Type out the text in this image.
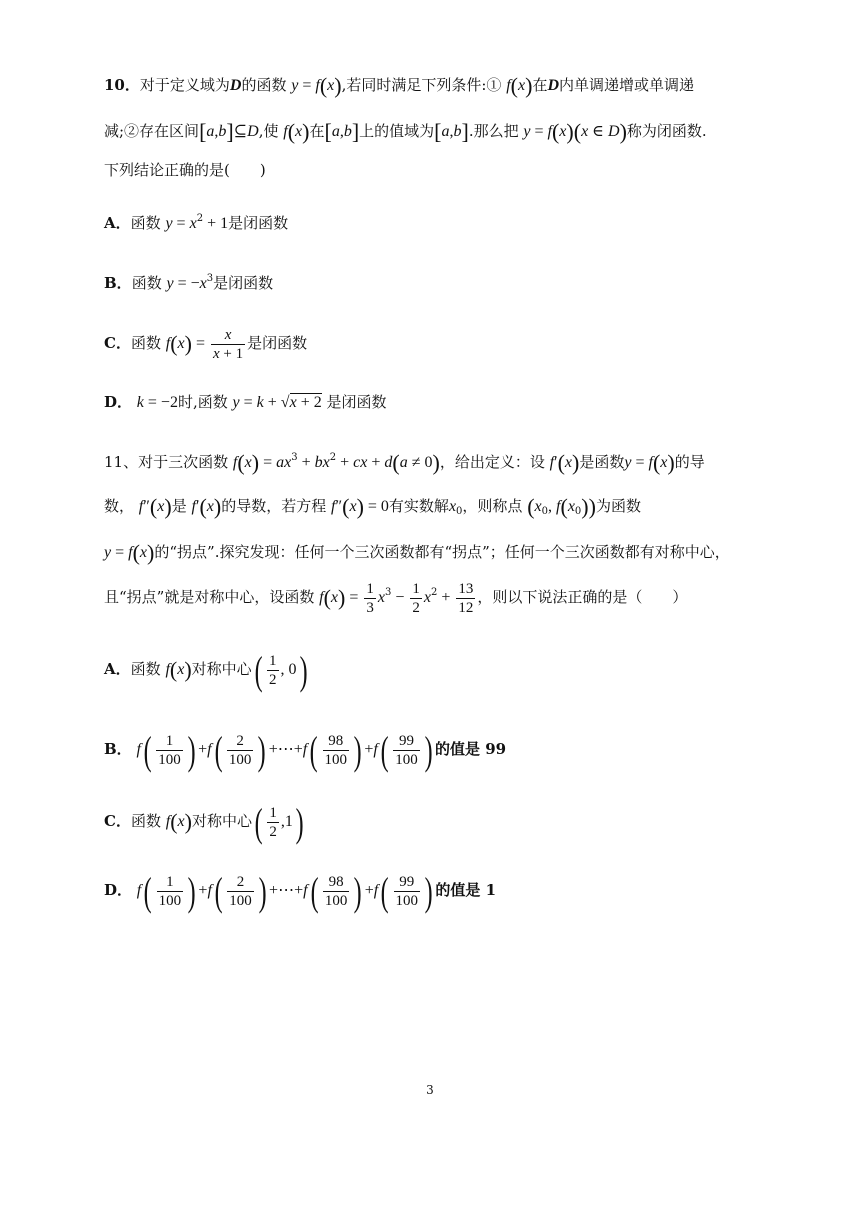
10．对于定义域为D的函数 y = f(x),若同时满足下列条件:① f(x)在D内单调递增或单调递
减;②存在区间[a,b]⊆D,使 f(x)在[a,b]上的值域为[a,b].那么把 y = f(x)(x ∈ D)称为闭函数.
下列结论正确的是(　　)
A．函数 $y = x^2 + 1$是闭函数
B．函数 $y = -x^3$是闭函数
C．函数 $f(x) = \frac{x}{x + 1}$ 是闭函数
D． k = −2时,函数 y = k + √x + 2 是闭函数
11、对于三次函数 $f(x) = ax^3 + bx^2$ + cx + d(a ≠ 0)，给出定义：设 f′(x)是函数y = f(x)的导
数， f″(x)是 f′(x)的导数，若方程 f″(x) = 0有实数解$x_0$，则称点 ($x_0$, $f(x_0)$)为函数
y = f(x)的“拐点”.探究发现：任何一个三次函数都有“拐点”；任何一个三次函数都有对称中心，
且“拐点”就是对称中心，设函数 $f(x) = \frac{1}{3} x^3 - \frac{1}{2} x^2 + \frac{13}{12}$ ，则以下说法正确的是（　　）
A．函数 f(x)对称中心( $\frac{1}{2}$ , 0)
B． $f( \frac{1}{100}$ ) $+f( \frac{2}{100}$ ) +⋯+f( $\frac{98}{100}$ ) $+f( \frac{99}{100}$ ) 的值是 99
C．函数 f(x)对称中心( $\frac{1}{2} ,1$)
D． $f( \frac{1}{100}$ ) $+f( \frac{2}{100}$ ) +⋯+f( $\frac{98}{100}$ ) $+f( \frac{99}{100}$ ) 的值是 1
3
